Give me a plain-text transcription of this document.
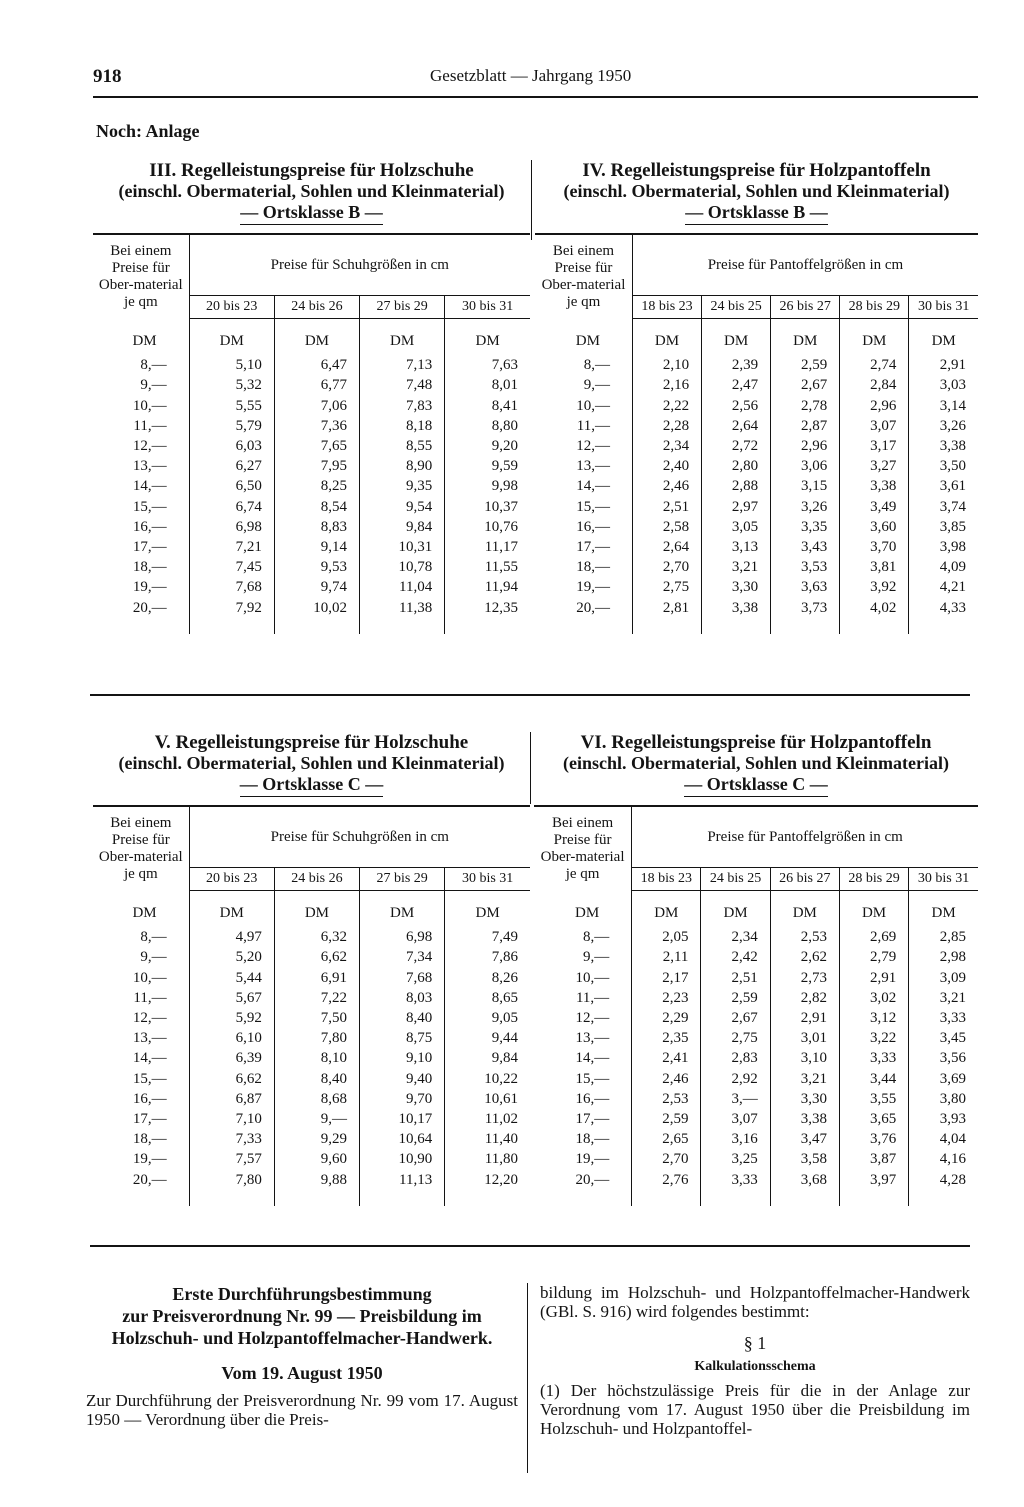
918	Gesetzblatt — Jahrgang 1950
Noch: Anlage
III. Regelleistungspreise für Holzschuhe
(einschl. Obermaterial, Sohlen und Kleinmaterial)
— Ortsklasse B —
Bei einem Preise für Ober-material je qm	Preise für Schuhgrößen in cm			
	20 bis 23	24 bis 26	27 bis 29	30 bis 31
DM	DM	DM	DM	DM
8,—	5,10	6,47	7,13	7,63
9,—	5,32	6,77	7,48	8,01
10,—	5,55	7,06	7,83	8,41
11,—	5,79	7,36	8,18	8,80
12,—	6,03	7,65	8,55	9,20
13,—	6,27	7,95	8,90	9,59
14,—	6,50	8,25	9,35	9,98
15,—	6,74	8,54	9,54	10,37
16,—	6,98	8,83	9,84	10,76
17,—	7,21	9,14	10,31	11,17
18,—	7,45	9,53	10,78	11,55
19,—	7,68	9,74	11,04	11,94
20,—	7,92	10,02	11,38	12,35
IV. Regelleistungspreise für Holzpantoffeln
(einschl. Obermaterial, Sohlen und Kleinmaterial)
— Ortsklasse B —
Bei einem Preise für Ober-material je qm	Preise für Pantoffelgrößen in cm				
	18 bis 23	24 bis 25	26 bis 27	28 bis 29	30 bis 31
DM	DM	DM	DM	DM	DM
8,—	2,10	2,39	2,59	2,74	2,91
9,—	2,16	2,47	2,67	2,84	3,03
10,—	2,22	2,56	2,78	2,96	3,14
11,—	2,28	2,64	2,87	3,07	3,26
12,—	2,34	2,72	2,96	3,17	3,38
13,—	2,40	2,80	3,06	3,27	3,50
14,—	2,46	2,88	3,15	3,38	3,61
15,—	2,51	2,97	3,26	3,49	3,74
16,—	2,58	3,05	3,35	3,60	3,85
17,—	2,64	3,13	3,43	3,70	3,98
18,—	2,70	3,21	3,53	3,81	4,09
19,—	2,75	3,30	3,63	3,92	4,21
20,—	2,81	3,38	3,73	4,02	4,33
V. Regelleistungspreise für Holzschuhe
(einschl. Obermaterial, Sohlen und Kleinmaterial)
— Ortsklasse C —
Bei einem Preise für Ober-material je qm	Preise für Schuhgrößen in cm			
	20 bis 23	24 bis 26	27 bis 29	30 bis 31
DM	DM	DM	DM	DM
8,—	4,97	6,32	6,98	7,49
9,—	5,20	6,62	7,34	7,86
10,—	5,44	6,91	7,68	8,26
11,—	5,67	7,22	8,03	8,65
12,—	5,92	7,50	8,40	9,05
13,—	6,10	7,80	8,75	9,44
14,—	6,39	8,10	9,10	9,84
15,—	6,62	8,40	9,40	10,22
16,—	6,87	8,68	9,70	10,61
17,—	7,10	9,—	10,17	11,02
18,—	7,33	9,29	10,64	11,40
19,—	7,57	9,60	10,90	11,80
20,—	7,80	9,88	11,13	12,20
VI. Regelleistungspreise für Holzpantoffeln
(einschl. Obermaterial, Sohlen und Kleinmaterial)
— Ortsklasse C —
Bei einem Preise für Ober-material je qm	Preise für Pantoffelgrößen in cm				
	18 bis 23	24 bis 25	26 bis 27	28 bis 29	30 bis 31
DM	DM	DM	DM	DM	DM
8,—	2,05	2,34	2,53	2,69	2,85
9,—	2,11	2,42	2,62	2,79	2,98
10,—	2,17	2,51	2,73	2,91	3,09
11,—	2,23	2,59	2,82	3,02	3,21
12,—	2,29	2,67	2,91	3,12	3,33
13,—	2,35	2,75	3,01	3,22	3,45
14,—	2,41	2,83	3,10	3,33	3,56
15,—	2,46	2,92	3,21	3,44	3,69
16,—	2,53	3,—	3,30	3,55	3,80
17,—	2,59	3,07	3,38	3,65	3,93
18,—	2,65	3,16	3,47	3,76	4,04
19,—	2,70	3,25	3,58	3,87	4,16
20,—	2,76	3,33	3,68	3,97	4,28
Erste Durchführungsbestimmung
zur Preisverordnung Nr. 99 — Preisbildung im
Holzschuh- und Holzpantoffelmacher-Handwerk.
Vom 19. August 1950

Zur Durchführung der Preisverordnung Nr. 99 vom 17. August 1950 — Verordnung über die Preis-

bildung im Holzschuh- und Holzpantoffelmacher-Handwerk (GBl. S. 916) wird folgendes bestimmt:

§ 1
Kalkulationsschema

(1) Der höchstzulässige Preis für die in der Anlage zur Verordnung vom 17. August 1950 über die Preisbildung im Holzschuh- und Holzpantoffel-
